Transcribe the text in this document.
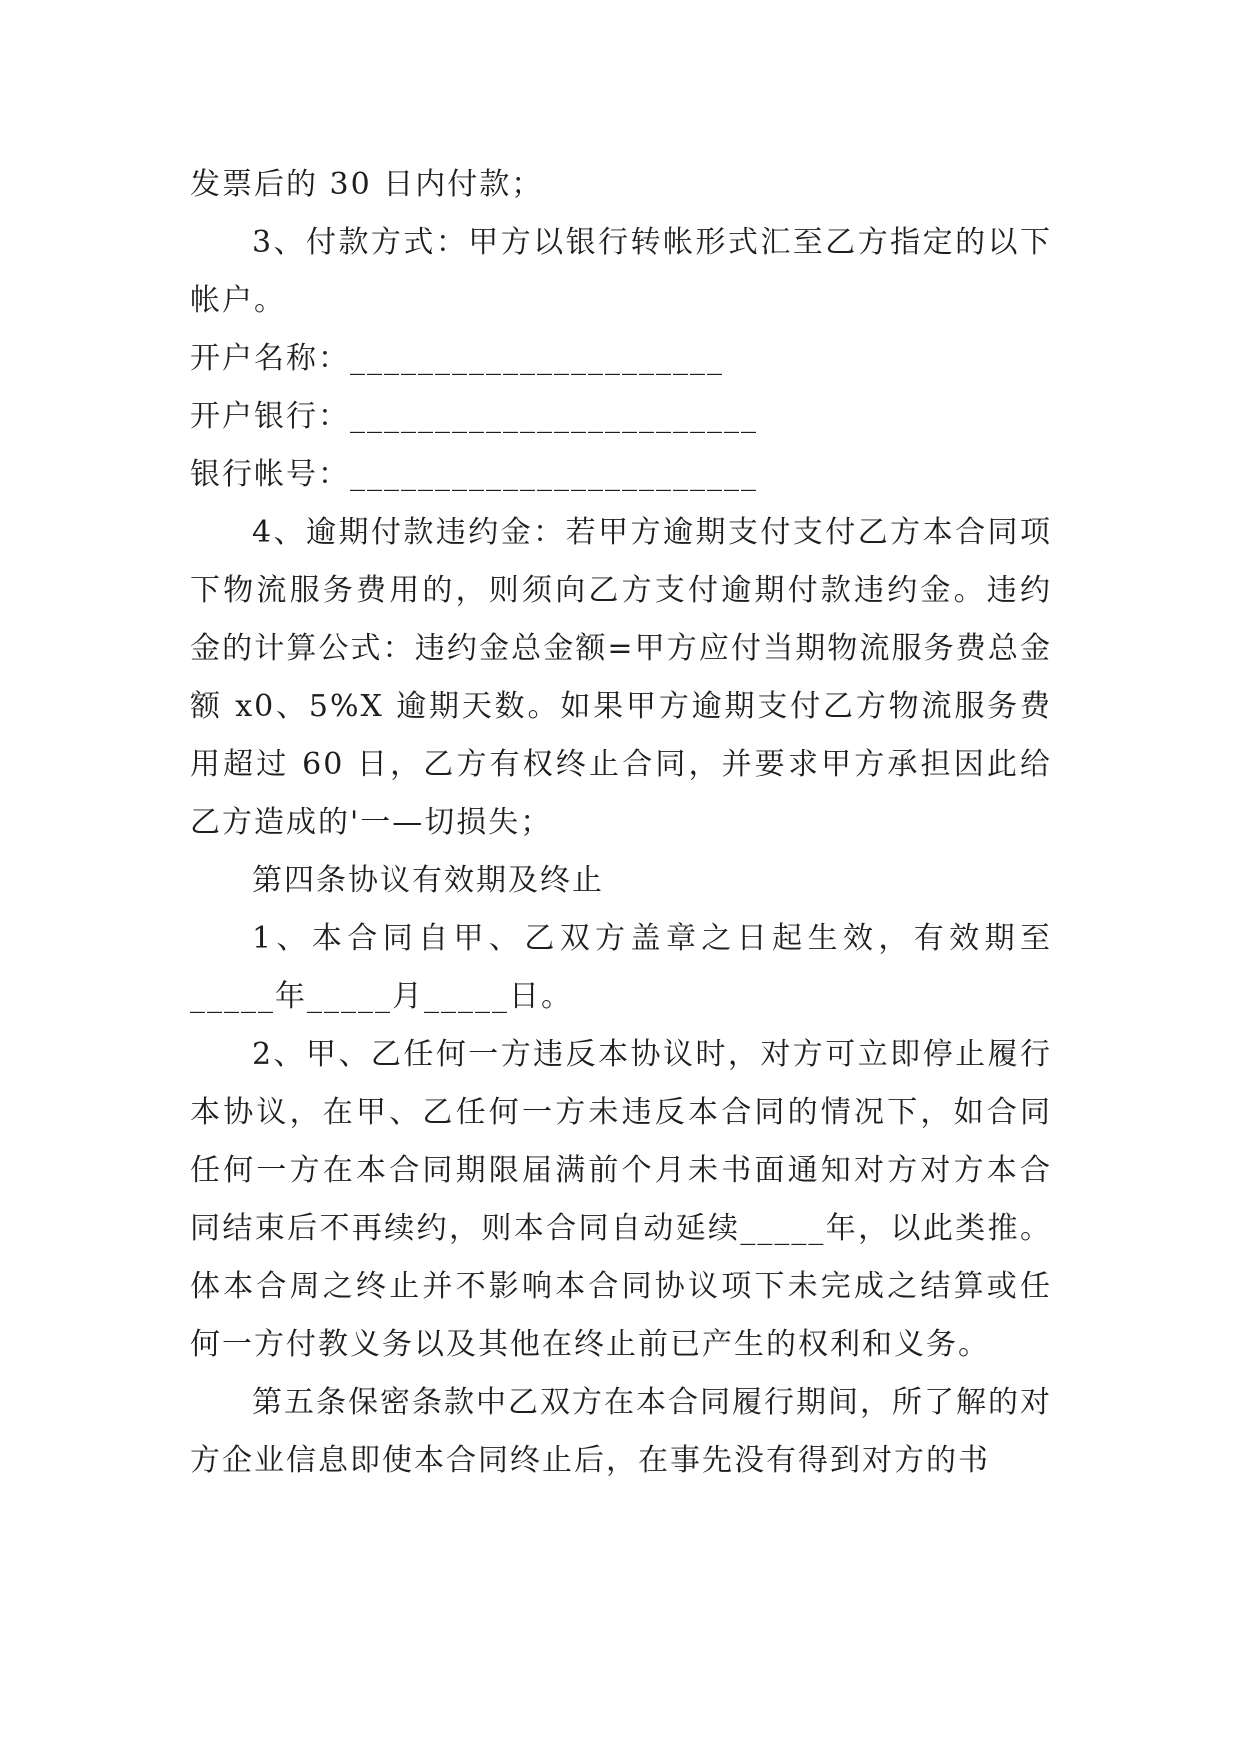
发票后的 30 日内付款；

3、付款方式：甲方以银行转帐形式汇至乙方指定的以下帐户。

开户名称：______________________

开户银行：________________________

银行帐号：________________________

4、逾期付款违约金：若甲方逾期支付支付乙方本合同项下物流服务费用的，则须向乙方支付逾期付款违约金。违约金的计算公式：违约金总金额=甲方应付当期物流服务费总金额 x0、5%X 逾期天数。如果甲方逾期支付乙方物流服务费用超过 60 日，乙方有权终止合同，并要求甲方承担因此给乙方造成的'一—切损失；

第四条协议有效期及终止

1、本合同自甲、乙双方盖章之日起生效，有效期至_____年_____月_____日。

2、甲、乙任何一方违反本协议时，对方可立即停止履行本协议，在甲、乙任何一方未违反本合同的情况下，如合同任何一方在本合同期限届满前个月未书面通知对方对方本合同结束后不再续约，则本合同自动延续_____年，以此类推。体本合周之终止并不影响本合同协议项下未完成之结算或任何一方付教义务以及其他在终止前已产生的权利和义务。

第五条保密条款中乙双方在本合同履行期间，所了解的对方企业信息即使本合同终止后，在事先没有得到对方的书
